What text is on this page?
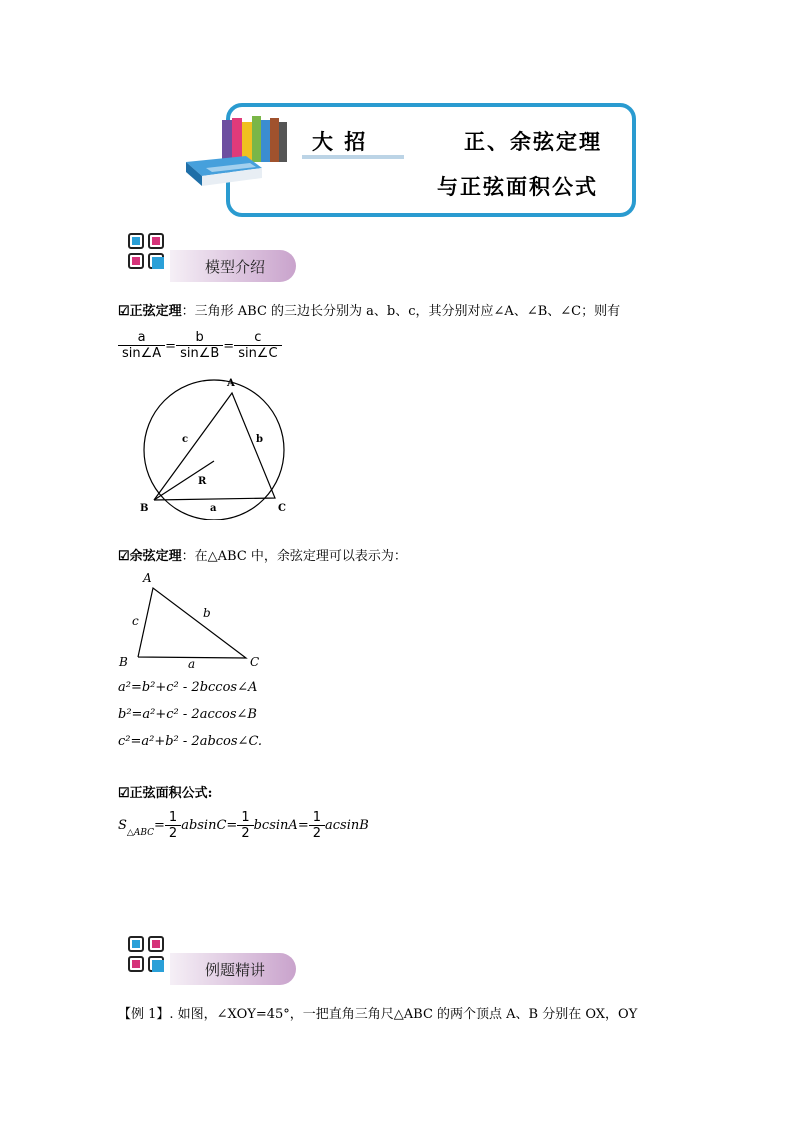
大 招	正、余弦定理
与正弦面积公式
模型介绍
☑正弦定理：三角形 ABC 的三边长分别为 a、b、c，其分别对应∠A、∠B、∠C；则有
$\frac{a}{\sin\angle A} = \frac{b}{\sin\angle B} = \frac{c}{\sin\angle C}$
A
B	C
a
b
c
R
☑余弦定理：在△ABC 中，余弦定理可以表示为：
A
B	C
a
b
c
a²=b²+c² - 2bccos∠A
b²=a²+c² - 2accos∠B
c²=a²+b² - 2abcos∠C.
☑正弦面积公式:
$S_{\triangle ABC}= \frac{1}{2} absinC= \frac{1}{2} bcsinA= \frac{1}{2}$ acsinB
例题精讲
【例 1】. 如图，∠XOY=45°，一把直角三角尺△ABC 的两个顶点 A、B 分别在 OX，OY
